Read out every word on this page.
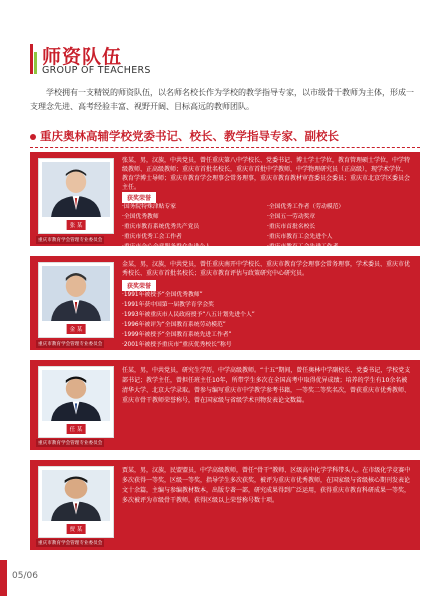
师资队伍
GROUP OF TEACHERS
学校拥有一支精锐的师资队伍，以名师名校长作为学校的教学指导专家，以市级骨干教师为主体，形成一支理念先进、高考经验丰富、视野开阔、目标高远的教师团队。
重庆奥林高辅学校党委书记、校长、教学指导专家、副校长
张 某
重庆市教育学会管理专业委员会
张某，男，汉族，中共党员，曾任重庆第八中学校长、党委书记、博士学士学位，教育管理硕士学位，中学特级教师、正高级教师；重庆市首批名校长，重庆市首批中学教师，中学物理研究员（正高级），现学术学位、教育学博士导师；重庆市教育学会理事会常务理事，重庆市教育教材审查委员会委员；重庆市北京学区委员会主任。
获奖荣誉
·国务院特殊津贴专家
·全国优秀教师
·重庆市教育系统优秀共产党员
·重庆市优秀工会工作者
·重庆市全心全意服务群众先进个人
·全国优秀工作者（劳动模范）
·全国五一劳动奖章
·重庆市首批名校长
·重庆市教育工会先进个人
·重庆市教育工会先进工作者
金 某
重庆市教育学会管理专业委员会
金某，男，汉族，中共党员，曾任重庆南开中学校长、重庆市教育学会理事会常务理事，学术委员、重庆市优秀校长、重庆市首批名校长；重庆市教育评估与政策研究中心研究员。
获奖荣誉
·1991年被授予“全国优秀教师”
·1991年获中国第一届教学育学会奖
·1993年被重庆市人民政府授予“八五计划先进个人”
·1996年被评为“全国教育系统劳动模范”
·1999年被授予“全国教育系统先进工作者”
·2001年被授予重庆市“重庆优秀校长”称号
·2011年9月参加教育部“三名”工程2012年中国教育改革创新人物评选
任 某
重庆市教育学会管理专业委员会
任某，男，中共党员，研究生学历，中学高级教师。“十五”期间，曾任奥林中学副校长、党委书记，学校党支部书记；教学主任，曾担任班主任10年，所带学生多次在全国高考中取得优异成绩；培养的学生有10余名被清华大学、北京大学录取。曾参与编写重庆市中学教学参考书籍，一等奖二等奖名次，曾获重庆市优秀教师、重庆市骨干教师荣誉称号，曾在国家级与省级学术刊物发表论文数篇。
贾 某
重庆市教育学会管理专业委员会
贾某，男，汉族，民盟盟员，中学高级教师，曾任“骨干”教师、区级高中化学学科带头人。在市级化学竞赛中多次获得一等奖，区级一等奖，指导学生多次获奖，被评为重庆市优秀教师，在国家级与省级核心期刊发表论文十余篇，主编与参编教材数本，出版专著一部，研究成果得到广泛运用，获得重庆市教育科研成果一等奖，多次被评为市级骨干教师，获得区级以上荣誉称号数十项。
05/06
